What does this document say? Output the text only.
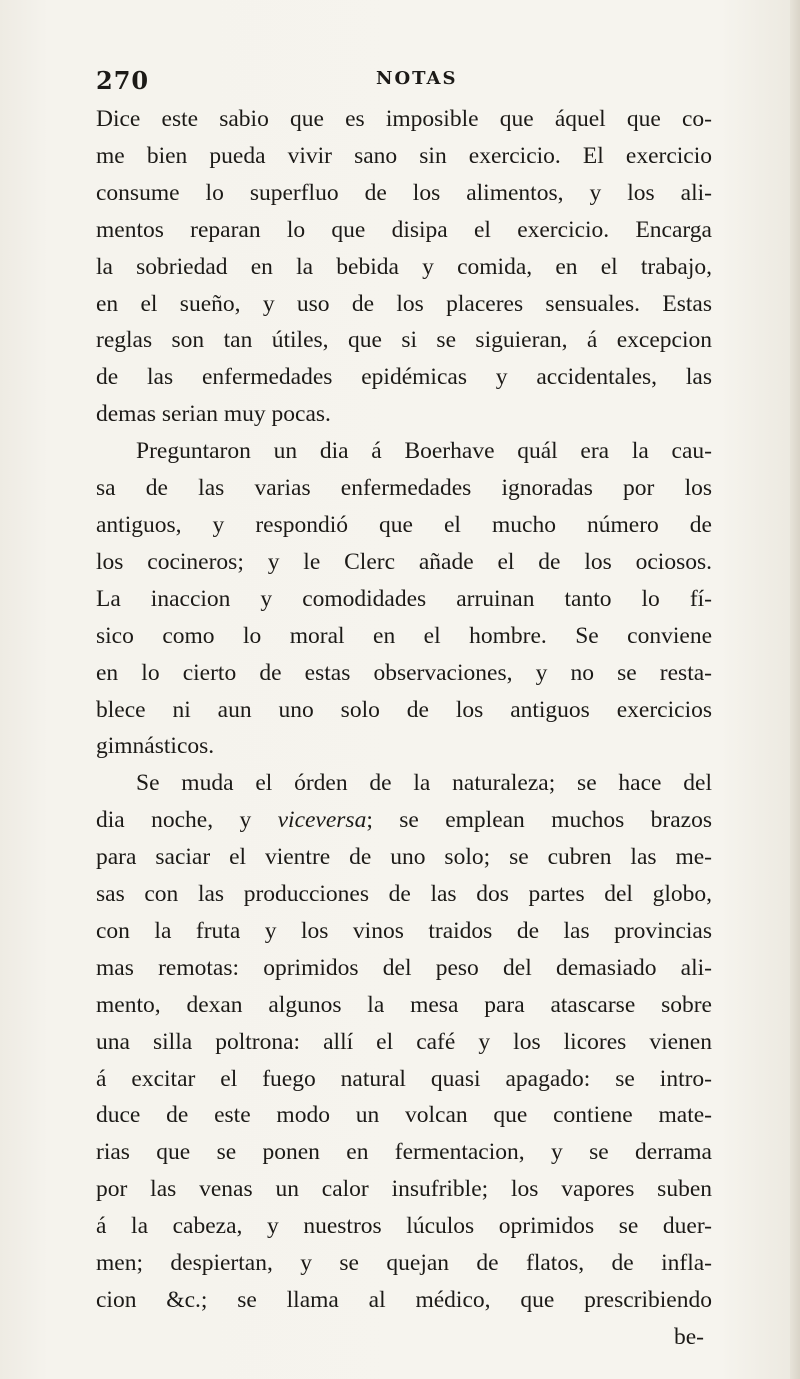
270	NOTAS
Dice este sabio que es imposible que áquel que co-
me bien pueda vivir sano sin exercicio. El exercicio
consume lo superfluo de los alimentos, y los ali-
mentos reparan lo que disipa el exercicio. Encarga
la sobriedad en la bebida y comida, en el trabajo,
en el sueño, y uso de los placeres sensuales. Estas
reglas son tan útiles, que si se siguieran, á excepcion
de las enfermedades epidémicas y accidentales, las
demas serian muy pocas.
Preguntaron un dia á Boerhave quál era la cau-
sa de las varias enfermedades ignoradas por los
antiguos, y respondió que el mucho número de
los cocineros; y le Clerc añade el de los ociosos.
La inaccion y comodidades arruinan tanto lo fí-
sico como lo moral en el hombre. Se conviene
en lo cierto de estas observaciones, y no se resta-
blece ni aun uno solo de los antiguos exercicios
gimnásticos.
Se muda el órden de la naturaleza; se hace del
dia noche, y viceversa; se emplean muchos brazos
para saciar el vientre de uno solo; se cubren las me-
sas con las producciones de las dos partes del globo,
con la fruta y los vinos traidos de las provincias
mas remotas: oprimidos del peso del demasiado ali-
mento, dexan algunos la mesa para atascarse sobre
una silla poltrona: allí el café y los licores vienen
á excitar el fuego natural quasi apagado: se intro-
duce de este modo un volcan que contiene mate-
rias que se ponen en fermentacion, y se derrama
por las venas un calor insufrible; los vapores suben
á la cabeza, y nuestros lúculos oprimidos se duer-
men; despiertan, y se quejan de flatos, de infla-
cion &c.; se llama al médico, que prescribiendo
be-
